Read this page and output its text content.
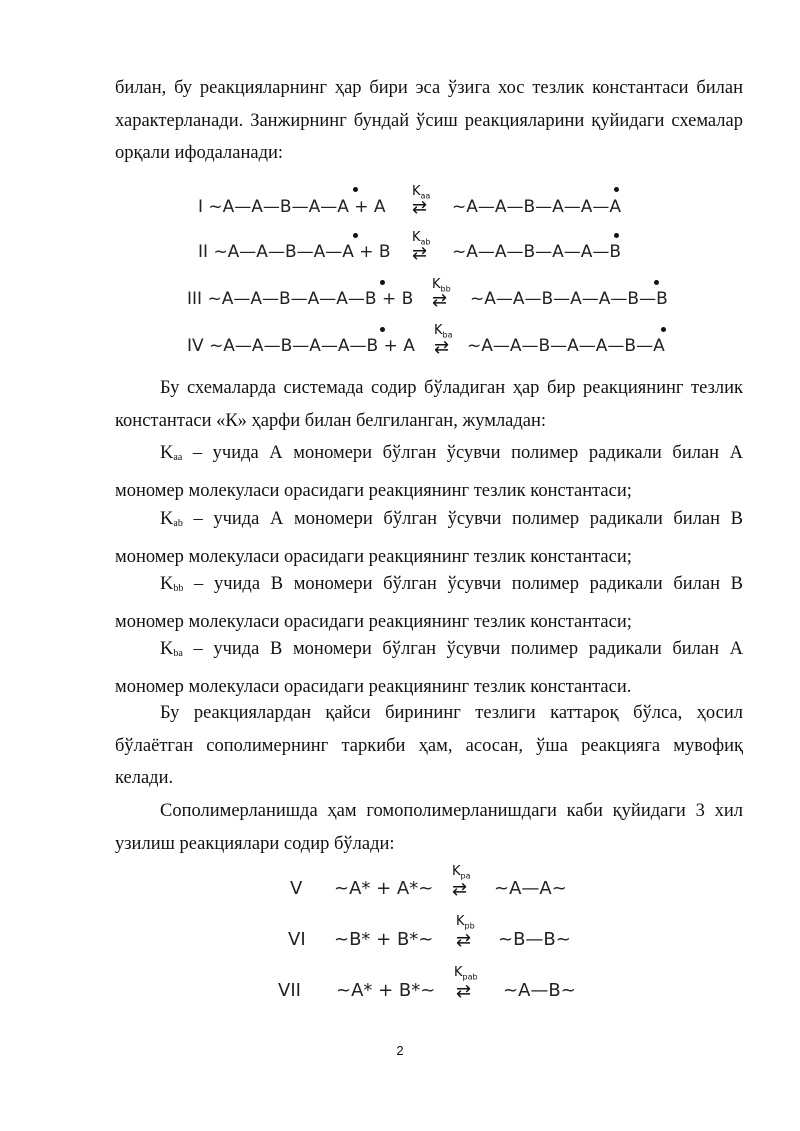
билан, бу реакцияларнинг ҳар бири эса ўзига хос тезлик константаси билан характерланади. Занжирнинг бундай ўсиш реакцияларини қуйидаги схемалар орқали ифодаланади:

I ~A—A—B—A—A + A
$K_{aa}$
⇄ ~A—A—B—A—A—A
II ~A—A—B—A—A + B
$K_{ab}$
⇄ ~A—A—B—A—A—B
III ~A—A—B—A—A—B + B
$K_{bb}$
⇄ ~A—A—B—A—A—B—B
IV ~A—A—B—A—A—B + A
$K_{ba}$
⇄ ~A—A—B—A—A—B—A

Бу схемаларда системада содир бўладиган ҳар бир реакциянинг тезлик константаси «К» ҳарфи билан белгиланган, жумладан:

$K_{aa}$ – учида А мономери бўлган ўсувчи полимер радикали билан А мономер молекуласи орасидаги реакциянинг тезлик константаси;

$K_{ab}$ – учида А мономери бўлган ўсувчи полимер радикали билан В мономер молекуласи орасидаги реакциянинг тезлик константаси;

$K_{bb}$ – учида В мономери бўлган ўсувчи полимер радикали билан В мономер молекуласи орасидаги реакциянинг тезлик константаси;

$K_{ba}$ – учида В мономери бўлган ўсувчи полимер радикали билан А мономер молекуласи орасидаги реакциянинг тезлик константаси.

Бу реакциялардан қайси бирининг тезлиги каттароқ бўлса, ҳосил бўлаётган сополимернинг таркиби ҳам, асосан, ўша реакцияга мувофиқ келади.

Сополимерланишда ҳам гомополимерланишдаги каби қуйидаги 3 хил узилиш реакциялари содир бўлади:

V ~A* + A*~
$K_{pa}$
⇄ ~A—A~
VI ~B* + B*~
$K_{pb}$
⇄ ~B—B~
VII ~A* + B*~
$K_{pab}$
⇄ ~A—B~
2
